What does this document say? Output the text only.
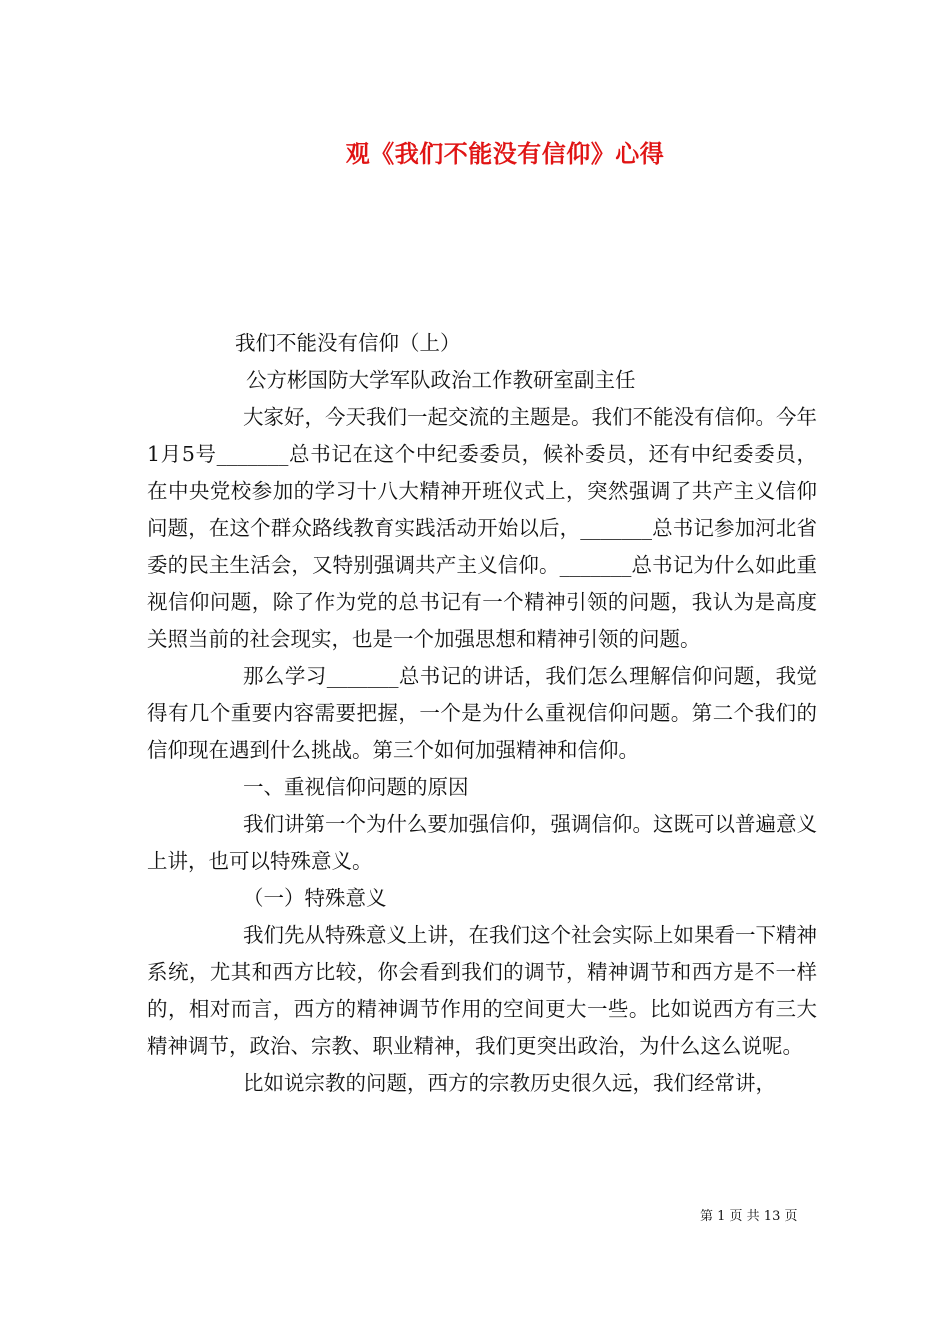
观《我们不能没有信仰》心得

我们不能没有信仰（上）

公方彬国防大学军队政治工作教研室副主任

大家好，今天我们一起交流的主题是。我们不能没有信仰。今年1月5号_______总书记在这个中纪委委员，候补委员，还有中纪委委员，在中央党校参加的学习十八大精神开班仪式上，突然强调了共产主义信仰问题，在这个群众路线教育实践活动开始以后，_______总书记参加河北省委的民主生活会，又特别强调共产主义信仰。_______总书记为什么如此重视信仰问题，除了作为党的总书记有一个精神引领的问题，我认为是高度关照当前的社会现实，也是一个加强思想和精神引领的问题。

那么学习_______总书记的讲话，我们怎么理解信仰问题，我觉得有几个重要内容需要把握，一个是为什么重视信仰问题。第二个我们的信仰现在遇到什么挑战。第三个如何加强精神和信仰。

一、重视信仰问题的原因

我们讲第一个为什么要加强信仰，强调信仰。这既可以普遍意义上讲，也可以特殊意义。

（一）特殊意义

我们先从特殊意义上讲，在我们这个社会实际上如果看一下精神系统，尤其和西方比较，你会看到我们的调节，精神调节和西方是不一样的，相对而言，西方的精神调节作用的空间更大一些。比如说西方有三大精神调节，政治、宗教、职业精神，我们更突出政治，为什么这么说呢。

比如说宗教的问题，西方的宗教历史很久远，我们经常讲，

第 1 页 共 13 页
